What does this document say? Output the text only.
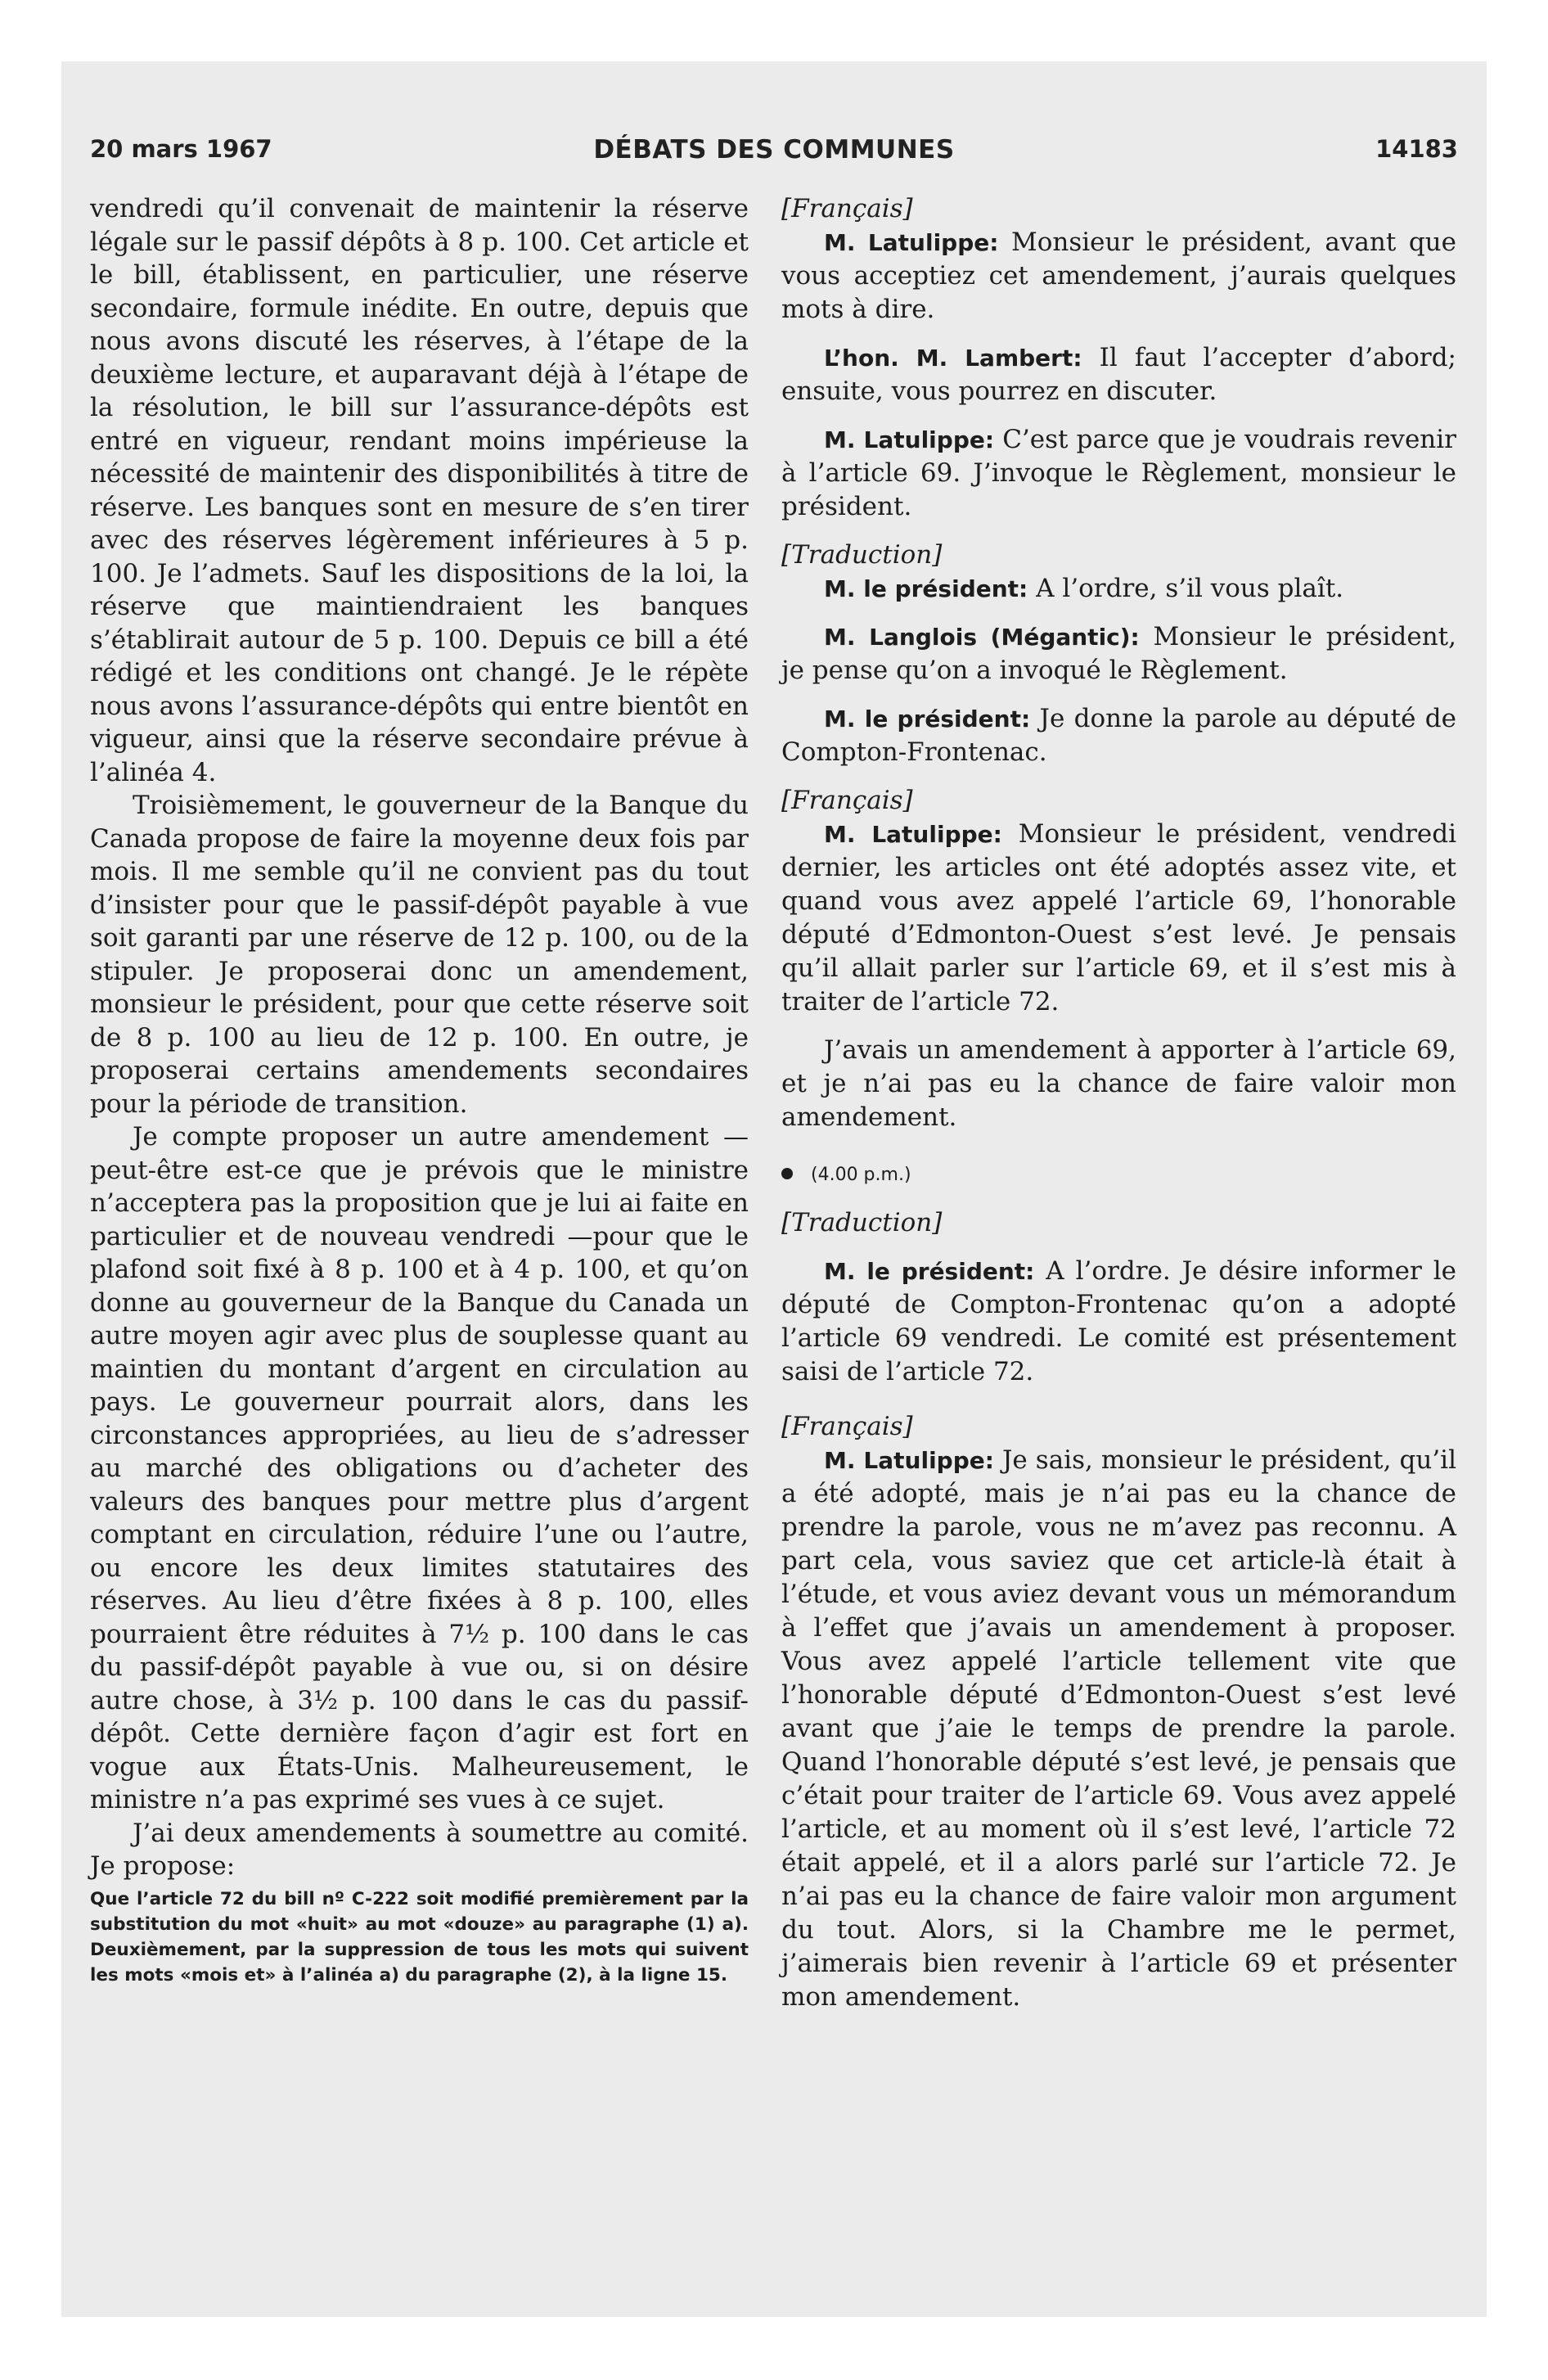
20 mars 1967	DÉBATS DES COMMUNES	14183

vendredi qu’il convenait de maintenir la réserve légale sur le passif dépôts à 8 p. 100. Cet article et le bill, établissent, en particulier, une réserve secondaire, formule inédite. En outre, depuis que nous avons discuté les réserves, à l’étape de la deuxième lecture, et auparavant déjà à l’étape de la résolution, le bill sur l’assurance-dépôts est entré en vigueur, rendant moins impérieuse la nécessité de maintenir des disponibilités à titre de réserve. Les banques sont en mesure de s’en tirer avec des réserves légèrement inférieures à 5 p. 100. Je l’admets. Sauf les dispositions de la loi, la réserve que maintiendraient les banques s’établirait autour de 5 p. 100. Depuis ce bill a été rédigé et les conditions ont changé. Je le répète nous avons l’assurance-dépôts qui entre bientôt en vigueur, ainsi que la réserve secondaire prévue à l’alinéa 4.

Troisièmement, le gouverneur de la Banque du Canada propose de faire la moyenne deux fois par mois. Il me semble qu’il ne convient pas du tout d’insister pour que le passif-dépôt payable à vue soit garanti par une réserve de 12 p. 100, ou de la stipuler. Je proposerai donc un amendement, monsieur le président, pour que cette réserve soit de 8 p. 100 au lieu de 12 p. 100. En outre, je proposerai certains amendements secondaires pour la période de transition.

Je compte proposer un autre amendement —peut-être est-ce que je prévois que le ministre n’acceptera pas la proposition que je lui ai faite en particulier et de nouveau vendredi —pour que le plafond soit fixé à 8 p. 100 et à 4 p. 100, et qu’on donne au gouverneur de la Banque du Canada un autre moyen agir avec plus de souplesse quant au maintien du montant d’argent en circulation au pays. Le gouverneur pourrait alors, dans les circonstances appropriées, au lieu de s’adresser au marché des obligations ou d’acheter des valeurs des banques pour mettre plus d’argent comptant en circulation, réduire l’une ou l’autre, ou encore les deux limites statutaires des réserves. Au lieu d’être fixées à 8 p. 100, elles pourraient être réduites à 7½ p. 100 dans le cas du passif-dépôt payable à vue ou, si on désire autre chose, à 3½ p. 100 dans le cas du passif-dépôt. Cette dernière façon d’agir est fort en vogue aux États-Unis. Malheureusement, le ministre n’a pas exprimé ses vues à ce sujet.

J’ai deux amendements à soumettre au comité. Je propose:

Que l’article 72 du bill nº C-222 soit modifié premièrement par la substitution du mot «huit» au mot «douze» au paragraphe (1) a). Deuxièmement, par la suppression de tous les mots qui suivent les mots «mois et» à l’alinéa a) du paragraphe (2), à la ligne 15.

[Français]

M. Latulippe: Monsieur le président, avant que vous acceptiez cet amendement, j’aurais quelques mots à dire.

L’hon. M. Lambert: Il faut l’accepter d’abord; ensuite, vous pourrez en discuter.

M. Latulippe: C’est parce que je voudrais revenir à l’article 69. J’invoque le Règlement, monsieur le président.

[Traduction]

M. le président: A l’ordre, s’il vous plaît.

M. Langlois (Mégantic): Monsieur le président, je pense qu’on a invoqué le Règlement.

M. le président: Je donne la parole au député de Compton-Frontenac.

[Français]

M. Latulippe: Monsieur le président, vendredi dernier, les articles ont été adoptés assez vite, et quand vous avez appelé l’article 69, l’honorable député d’Edmonton-Ouest s’est levé. Je pensais qu’il allait parler sur l’article 69, et il s’est mis à traiter de l’article 72.

J’avais un amendement à apporter à l’article 69, et je n’ai pas eu la chance de faire valoir mon amendement.

(4.00 p.m.)

[Traduction]

M. le président: A l’ordre. Je désire informer le député de Compton-Frontenac qu’on a adopté l’article 69 vendredi. Le comité est présentement saisi de l’article 72.

[Français]

M. Latulippe: Je sais, monsieur le président, qu’il a été adopté, mais je n’ai pas eu la chance de prendre la parole, vous ne m’avez pas reconnu. A part cela, vous saviez que cet article-là était à l’étude, et vous aviez devant vous un mémorandum à l’effet que j’avais un amendement à proposer. Vous avez appelé l’article tellement vite que l’honorable député d’Edmonton-Ouest s’est levé avant que j’aie le temps de prendre la parole. Quand l’honorable député s’est levé, je pensais que c’était pour traiter de l’article 69. Vous avez appelé l’article, et au moment où il s’est levé, l’article 72 était appelé, et il a alors parlé sur l’article 72. Je n’ai pas eu la chance de faire valoir mon argument du tout. Alors, si la Chambre me le permet, j’aimerais bien revenir à l’article 69 et présenter mon amendement.
